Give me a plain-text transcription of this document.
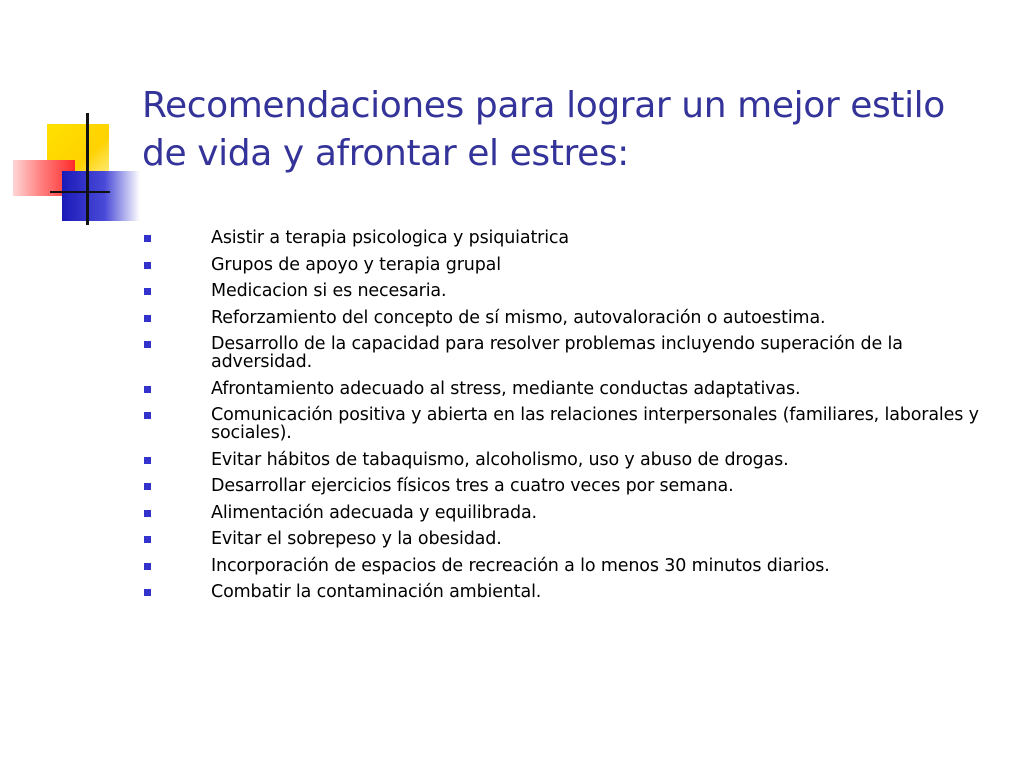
Recomendaciones para lograr un mejor estilo de vida y afrontar el estres:
Asistir a terapia psicologica y psiquiatrica
Grupos de apoyo y terapia grupal
Medicacion si es necesaria.
Reforzamiento del concepto de sí mismo, autovaloración o autoestima.
Desarrollo de la capacidad para resolver problemas incluyendo superación de la adversidad.
Afrontamiento adecuado al stress, mediante conductas adaptativas.
Comunicación positiva y abierta en las relaciones interpersonales (familiares, laborales y sociales).
Evitar hábitos de tabaquismo, alcoholismo, uso y abuso de drogas.
Desarrollar ejercicios físicos tres a cuatro veces por semana.
Alimentación adecuada y equilibrada.
Evitar el sobrepeso y la obesidad.
Incorporación de espacios de recreación a lo menos 30 minutos diarios.
Combatir la contaminación ambiental.
